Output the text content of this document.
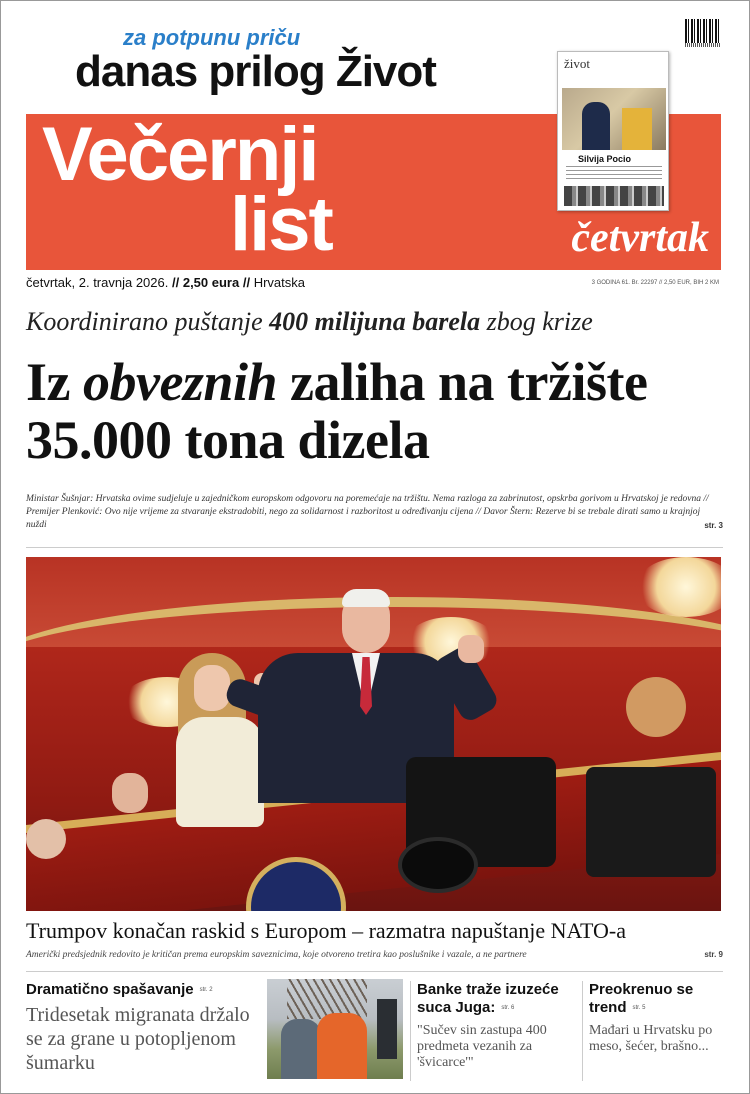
za potpunu priču
danas prilog Život	život
Silvija Pocio
Večernji
list	četvrtak
četvrtak, 2. travnja 2026. // 2,50 eura // Hrvatska	3 GODINA 61. Br. 22297 // 2,50 EUR, BIH 2 KM
Koordinirano puštanje 400 milijuna barela zbog krize
Iz obveznih zaliha na tržište 35.000 tona dizela
Ministar Šušnjar: Hrvatska ovime sudjeluje u zajedničkom europskom odgovoru na poremećaje na tržištu. Nema razloga za zabrinutost, opskrba gorivom u Hrvatskoj je redovna // Premijer Plenković: Ovo nije vrijeme za stvaranje ekstradobiti, nego za solidarnost i razboritost u određivanju cijena // Davor Štern: Rezerve bi se trebale dirati samo u krajnjoj nuždi	str. 3
Trumpov konačan raskid s Europom – razmatra napuštanje NATO-a
Američki predsjednik redovito je kritičan prema europskim saveznicima, koje otvoreno tretira kao poslušnike i vazale, a ne partnere	str. 9
Dramatično spašavanje str. 2
Tridesetak migranata držalo se za grane u potopljenom šumarku
Banke traže izuzeće suca Juga: str. 6
"Sučev sin zastupa 400 predmeta vezanih za 'švicarce'"
Preokrenuo se trend str. 5
Mađari u Hrvatsku po meso, šećer, brašno...
